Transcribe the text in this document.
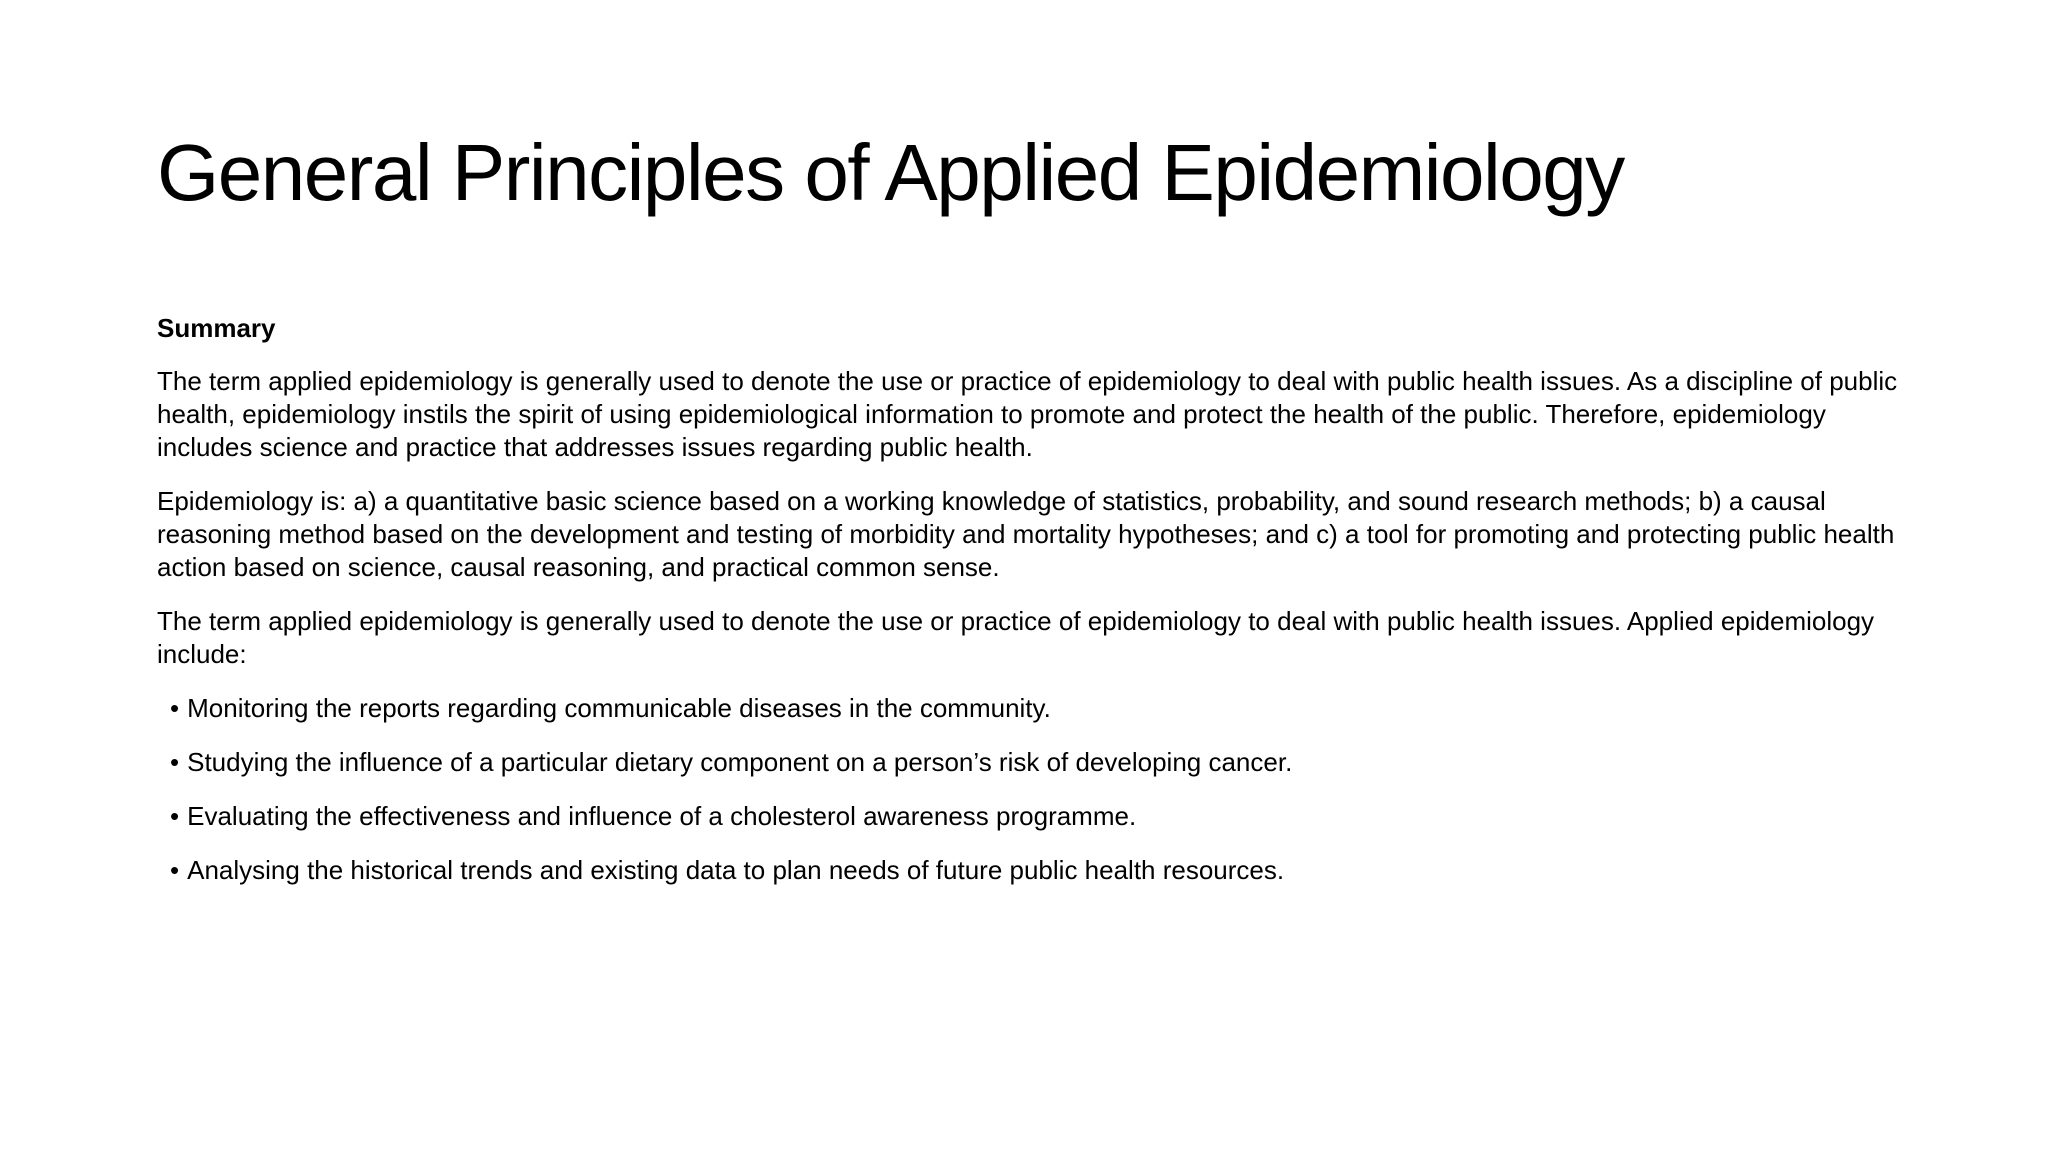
General Principles of Applied Epidemiology

Summary

The term applied epidemiology is generally used to denote the use or practice of epidemiology to deal with public health issues. As a discipline of public health, epidemiology instils the spirit of using epidemiological information to promote and protect the health of the public. Therefore, epidemiology includes science and practice that addresses issues regarding public health.

Epidemiology is: a) a quantitative basic science based on a working knowledge of statistics, probability, and sound research methods; b) a causal reasoning method based on the development and testing of morbidity and mortality hypotheses; and c) a tool for promoting and protecting public health action based on science, causal reasoning, and practical common sense.

The term applied epidemiology is generally used to denote the use or practice of epidemiology to deal with public health issues. Applied epidemiology include:

• Monitoring the reports regarding communicable diseases in the community.
• Studying the influence of a particular dietary component on a person’s risk of developing cancer.
• Evaluating the effectiveness and influence of a cholesterol awareness programme.
• Analysing the historical trends and existing data to plan needs of future public health resources.
